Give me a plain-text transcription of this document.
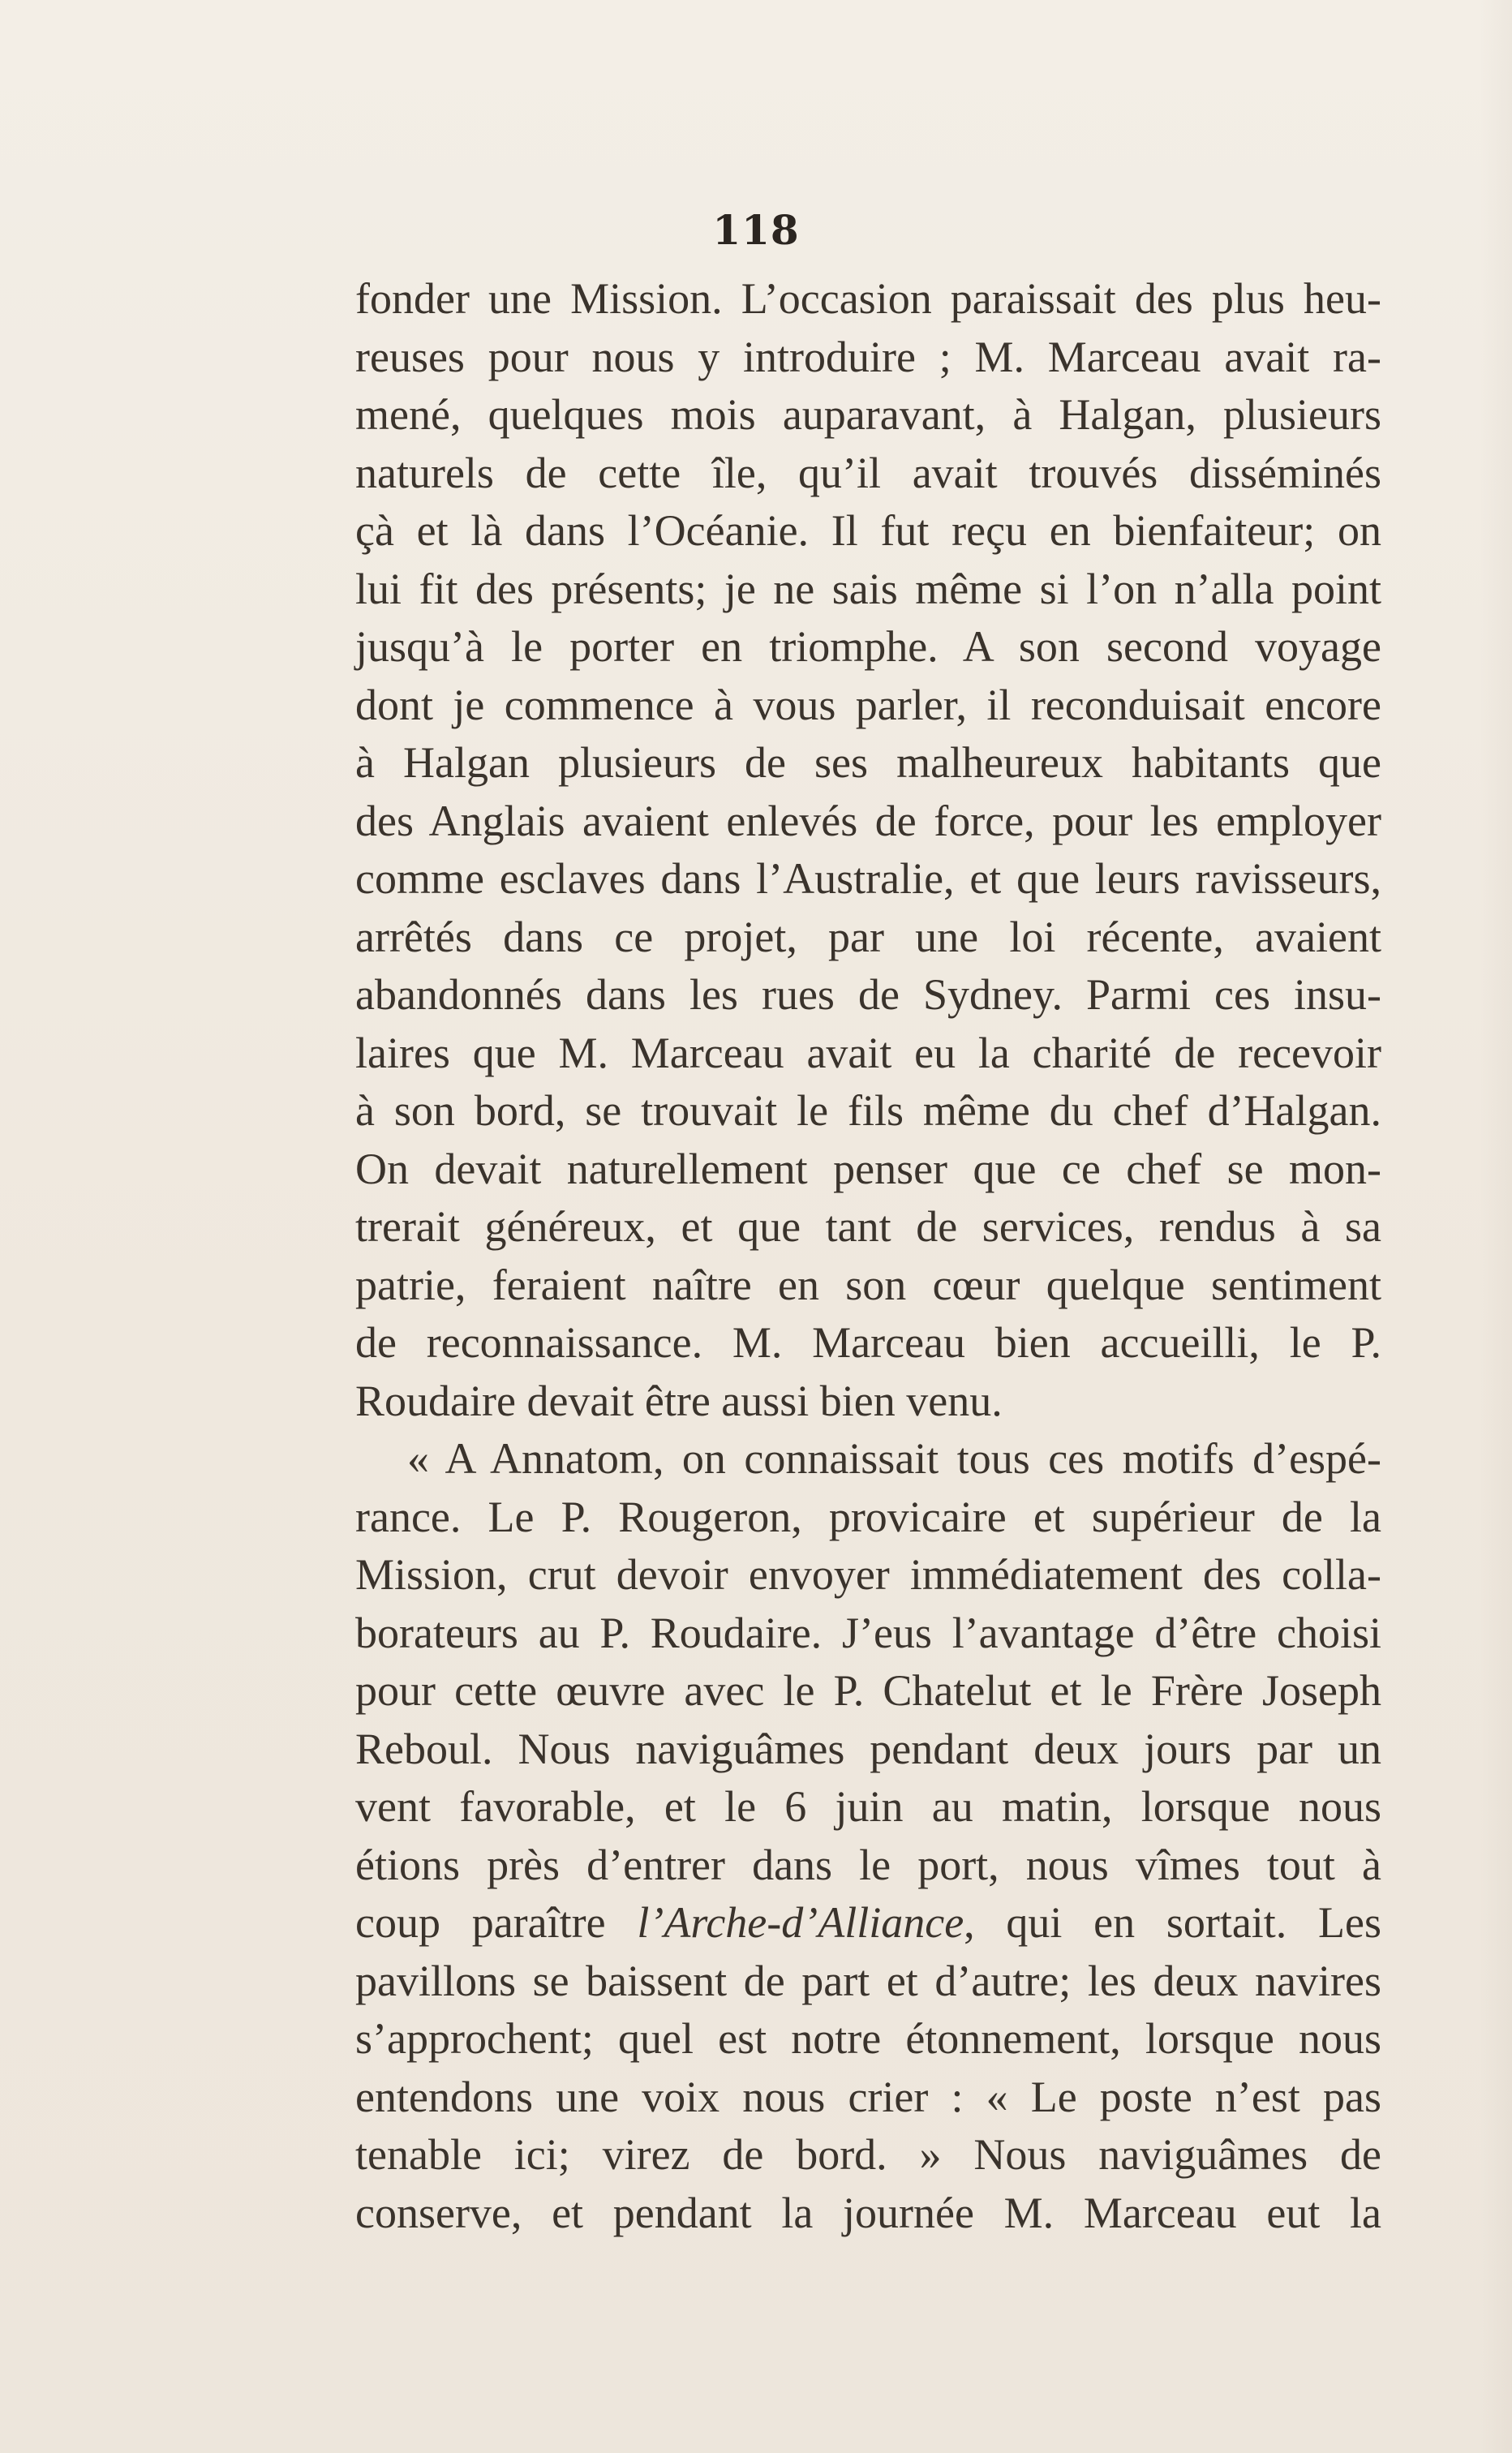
118
fonder une Mission. L’occasion paraissait des plus heu-
reuses pour nous y introduire ; M. Marceau avait ra-
mené, quelques mois auparavant, à Halgan, plusieurs
naturels de cette île, qu’il avait trouvés disséminés
çà et là dans l’Océanie. Il fut reçu en bienfaiteur; on
lui fit des présents; je ne sais même si l’on n’alla point
jusqu’à le porter en triomphe. A son second voyage
dont je commence à vous parler, il reconduisait encore
à Halgan plusieurs de ses malheureux habitants que
des Anglais avaient enlevés de force, pour les employer
comme esclaves dans l’Australie, et que leurs ravisseurs,
arrêtés dans ce projet, par une loi récente, avaient
abandonnés dans les rues de Sydney. Parmi ces insu-
laires que M. Marceau avait eu la charité de recevoir
à son bord, se trouvait le fils même du chef d’Halgan.
On devait naturellement penser que ce chef se mon-
trerait généreux, et que tant de services, rendus à sa
patrie, feraient naître en son cœur quelque sentiment
de reconnaissance. M. Marceau bien accueilli, le P.
Roudaire devait être aussi bien venu.
« A Annatom, on connaissait tous ces motifs d’espé-
rance. Le P. Rougeron, provicaire et supérieur de la
Mission, crut devoir envoyer immédiatement des colla-
borateurs au P. Roudaire. J’eus l’avantage d’être choisi
pour cette œuvre avec le P. Chatelut et le Frère Joseph
Reboul. Nous naviguâmes pendant deux jours par un
vent favorable, et le 6 juin au matin, lorsque nous
étions près d’entrer dans le port, nous vîmes tout à
coup paraître l’Arche-d’Alliance, qui en sortait. Les
pavillons se baissent de part et d’autre; les deux navires
s’approchent; quel est notre étonnement, lorsque nous
entendons une voix nous crier : « Le poste n’est pas
tenable ici; virez de bord. » Nous naviguâmes de
conserve, et pendant la journée M. Marceau eut la
